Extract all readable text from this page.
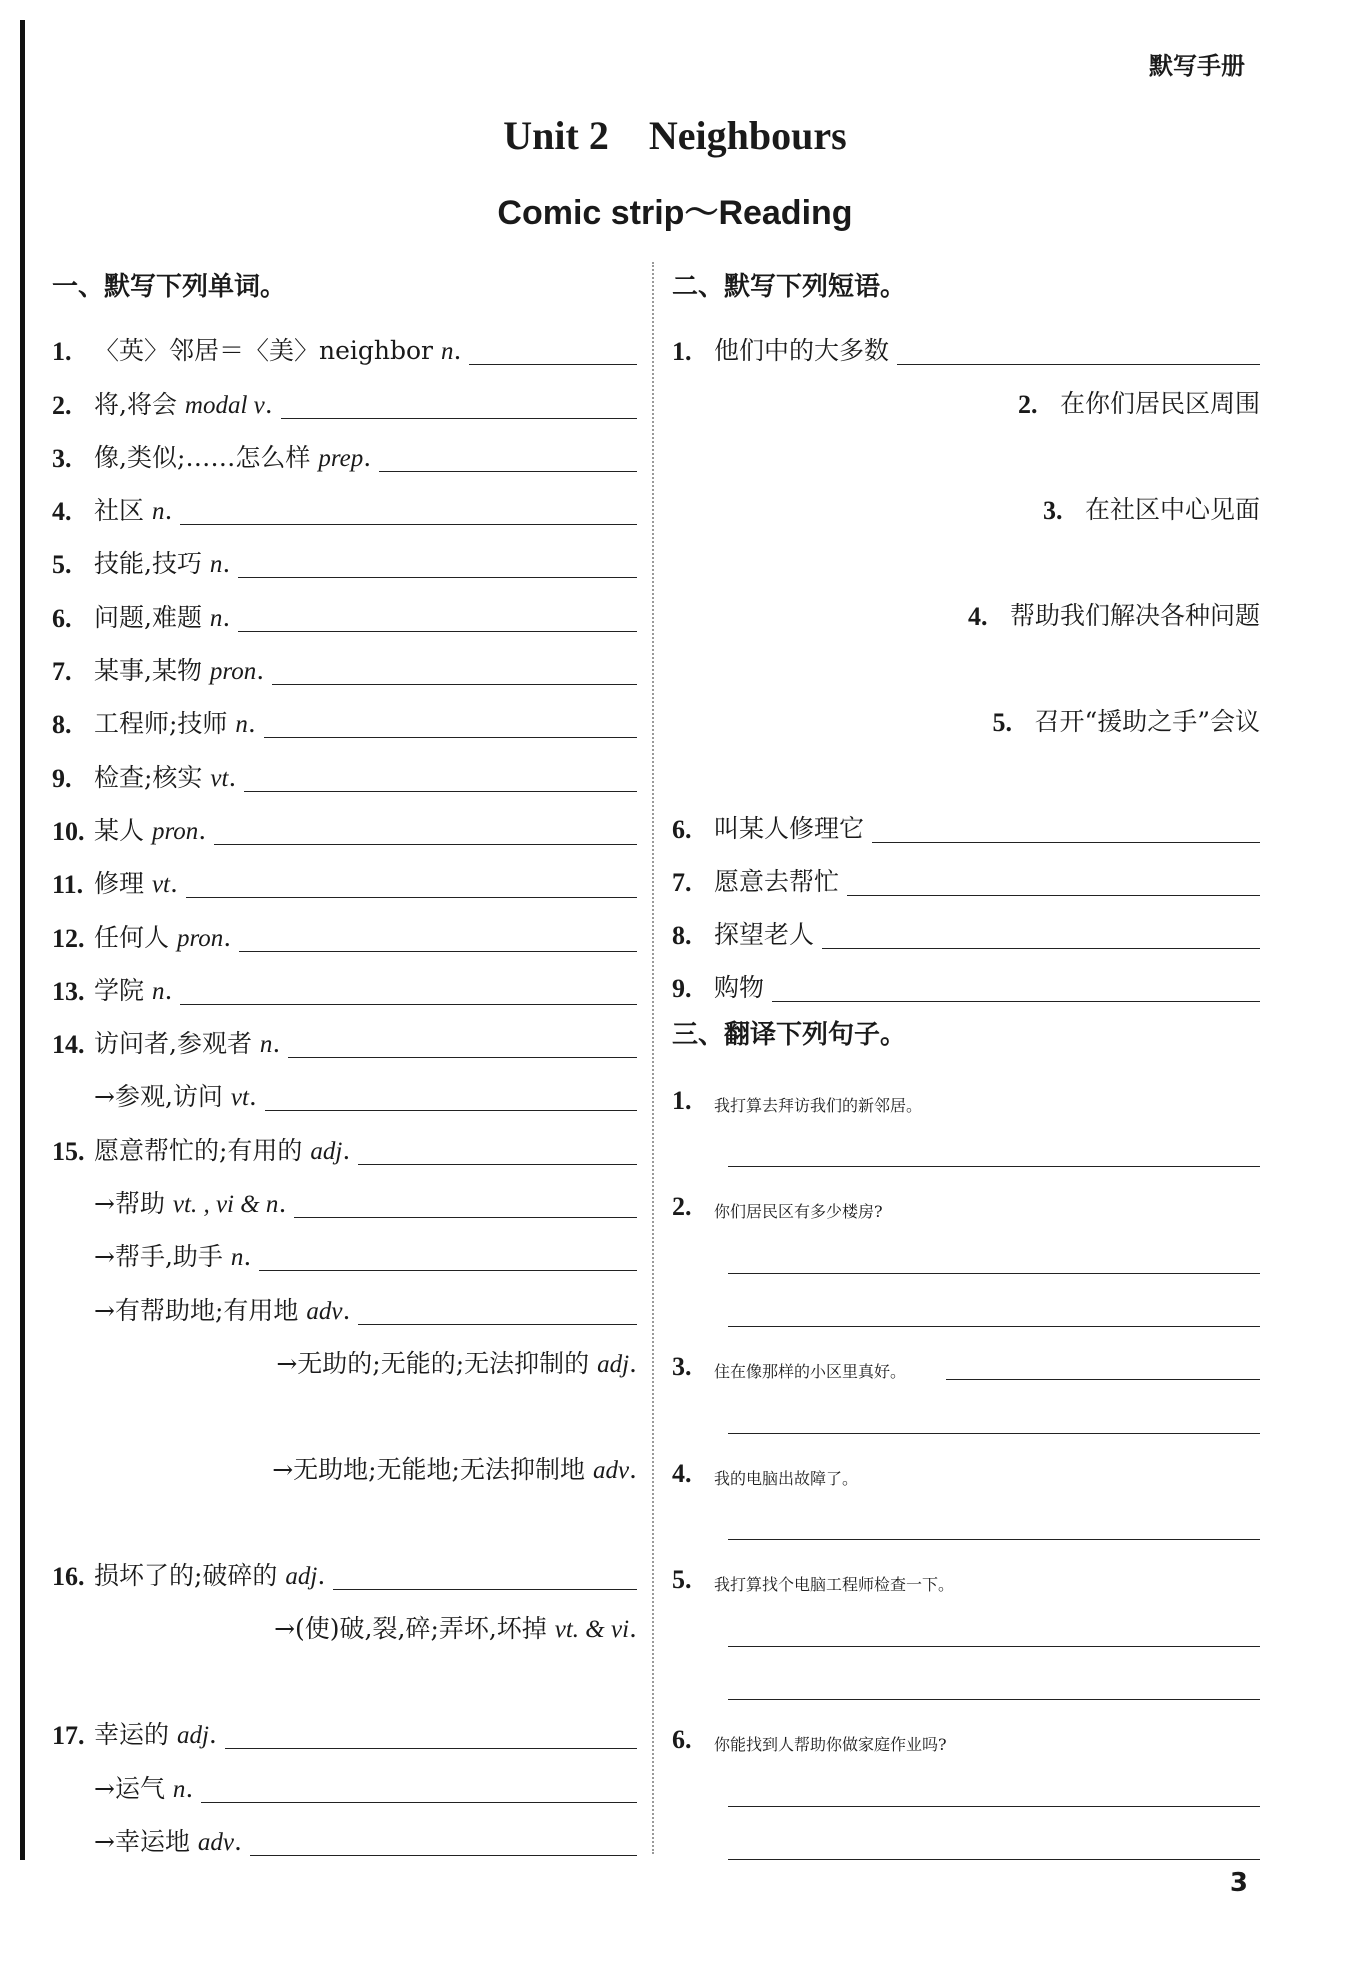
默写手册
Unit 2 Neighbours
Comic strip～Reading
一、默写下列单词。
1. 〈英〉邻居＝〈美〉neighbor n.
2. 将,将会 modal v.
3. 像,类似;……怎么样 prep.
4. 社区 n.
5. 技能,技巧 n.
6. 问题,难题 n.
7. 某事,某物 pron.
8. 工程师;技师 n.
9. 检查;核实 vt.
10. 某人 pron.
11. 修理 vt.
12. 任何人 pron.
13. 学院 n.
14. 访问者,参观者 n.
→参观,访问 vt.
15. 愿意帮忙的;有用的 adj.
→帮助 vt. , vi & n.
→帮手,助手 n.
→有帮助地;有用地 adv.
→无助的;无能的;无法抑制的 adj.
→无助地;无能地;无法抑制地 adv.
16. 损坏了的;破碎的 adj.
→(使)破,裂,碎;弄坏,坏掉 vt. & vi.
17. 幸运的 adj.
→运气 n.
→幸运地 adv.
二、默写下列短语。
1. 他们中的大多数
2. 在你们居民区周围
3. 在社区中心见面
4. 帮助我们解决各种问题
5. 召开“援助之手”会议
6. 叫某人修理它
7. 愿意去帮忙
8. 探望老人
9. 购物
三、翻译下列句子。
1.	我打算去拜访我们的新邻居。
2.	你们居民区有多少楼房?
3.	住在像那样的小区里真好。
4.	我的电脑出故障了。
5.	我打算找个电脑工程师检查一下。
6.	你能找到人帮助你做家庭作业吗?
3
